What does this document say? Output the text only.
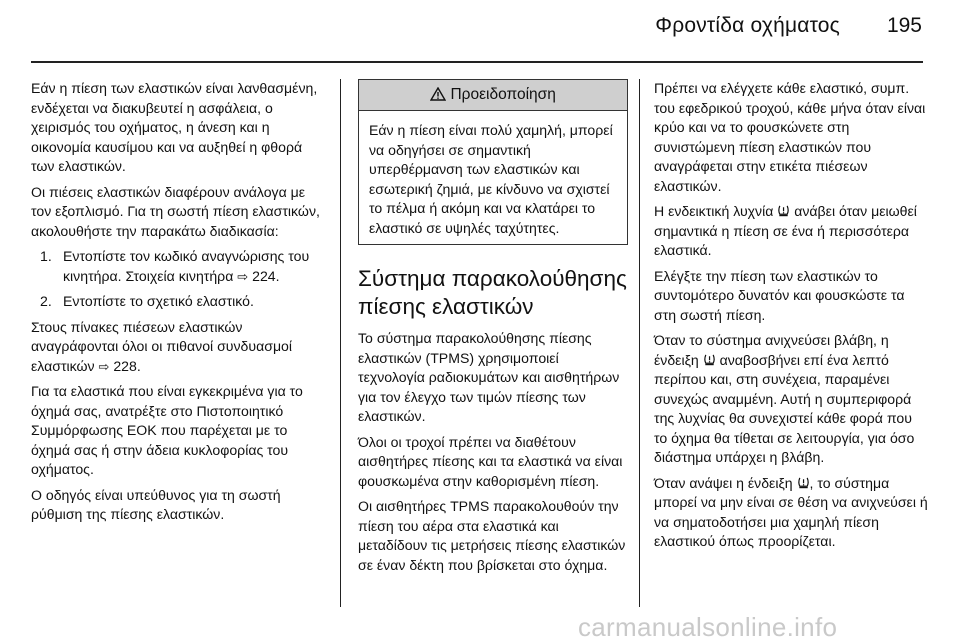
Φροντίδα οχήματος 195

Εάν η πίεση των ελαστικών είναι λανθασμένη, ενδέχεται να διακυβευτεί η ασφάλεια, ο χειρισμός του οχήματος, η άνεση και η οικονομία καυσίμου και να αυξηθεί η φθορά των ελαστικών.

Οι πιέσεις ελαστικών διαφέρουν ανάλογα με τον εξοπλισμό. Για τη σωστή πίεση ελαστικών, ακολουθήστε την παρακάτω διαδικασία:

1. Εντοπίστε τον κωδικό αναγνώρισης του κινητήρα. Στοιχεία κινητήρα ⇨ 224.
2. Εντοπίστε το σχετικό ελαστικό.

Στους πίνακες πιέσεων ελαστικών αναγράφονται όλοι οι πιθανοί συνδυασμοί ελαστικών ⇨ 228.

Για τα ελαστικά που είναι εγκεκριμένα για το όχημά σας, ανατρέξτε στο Πιστοποιητικό Συμμόρφωσης ΕΟΚ που παρέχεται με το όχημά σας ή στην άδεια κυκλοφορίας του οχήματος.

Ο οδηγός είναι υπεύθυνος για τη σωστή ρύθμιση της πίεσης ελαστικών.

Προειδοποίηση
Εάν η πίεση είναι πολύ χαμηλή, μπορεί να οδηγήσει σε σημαντική υπερθέρμανση των ελαστικών και εσωτερική ζημιά, με κίνδυνο να σχιστεί το πέλμα ή ακόμη και να κλατάρει το ελαστικό σε υψηλές ταχύτητες.
Σύστημα παρακολούθησης πίεσης ελαστικών

Το σύστημα παρακολούθησης πίεσης ελαστικών (TPMS) χρησιμοποιεί τεχνολογία ραδιοκυμάτων και αισθητήρων για τον έλεγχο των τιμών πίεσης των ελαστικών.

Όλοι οι τροχοί πρέπει να διαθέτουν αισθητήρες πίεσης και τα ελαστικά να είναι φουσκωμένα στην καθορισμένη πίεση.

Οι αισθητήρες TPMS παρακολουθούν την πίεση του αέρα στα ελαστικά και μεταδίδουν τις μετρήσεις πίεσης ελαστικών σε έναν δέκτη που βρίσκεται στο όχημα.

Πρέπει να ελέγχετε κάθε ελαστικό, συμπ. του εφεδρικού τροχού, κάθε μήνα όταν είναι κρύο και να το φουσκώνετε στη συνιστώμενη πίεση ελαστικών που αναγράφεται στην ετικέτα πιέσεων ελαστικών.

Η ενδεικτική λυχνία ανάβει όταν μειωθεί σημαντικά η πίεση σε ένα ή περισσότερα ελαστικά.

Ελέγξτε την πίεση των ελαστικών το συντομότερο δυνατόν και φουσκώστε τα στη σωστή πίεση.

Όταν το σύστημα ανιχνεύσει βλάβη, η ένδειξη αναβοσβήνει επί ένα λεπτό περίπου και, στη συνέχεια, παραμένει συνεχώς αναμμένη. Αυτή η συμπεριφορά της λυχνίας θα συνεχιστεί κάθε φορά που το όχημα θα τίθεται σε λειτουργία, για όσο διάστημα υπάρχει η βλάβη.

Όταν ανάψει η ένδειξη , το σύστημα μπορεί να μην είναι σε θέση να ανιχνεύσει ή να σηματοδοτήσει μια χαμηλή πίεση ελαστικού όπως προορίζεται.

carmanualsonline.info
